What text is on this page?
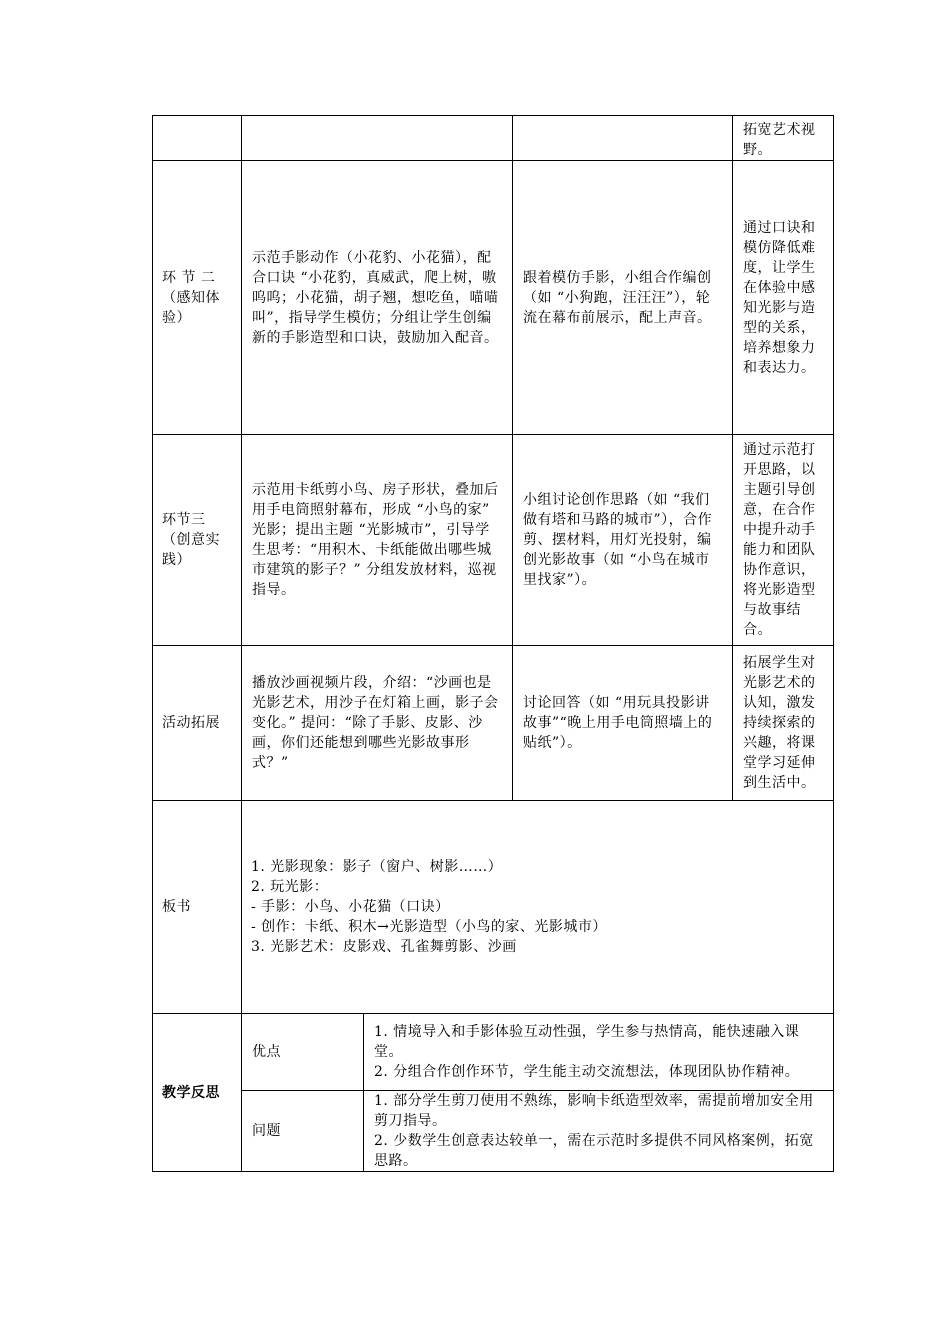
				拓宽艺术视野。
环 节 二（感知体验）	示范手影动作（小花豹、小花猫），配合口诀 “小花豹，真威武，爬上树，嗷呜呜；小花猫，胡子翘，想吃鱼，喵喵叫”，指导学生模仿；分组让学生创编新的手影造型和口诀，鼓励加入配音。		跟着模仿手影，小组合作编创（如 “小狗跑，汪汪汪”），轮流在幕布前展示，配上声音。	通过口诀和模仿降低难度，让学生在体验中感知光影与造型的关系，培养想象力和表达力。
环节三（创意实践）	示范用卡纸剪小鸟、房子形状，叠加后用手电筒照射幕布，形成 “小鸟的家” 光影；提出主题 “光影城市”，引导学生思考：“用积木、卡纸能做出哪些城市建筑的影子？” 分组发放材料，巡视指导。		小组讨论创作思路（如 “我们做有塔和马路的城市”），合作剪、摆材料，用灯光投射，编创光影故事（如 “小鸟在城市里找家”）。	通过示范打开思路，以主题引导创意，在合作中提升动手能力和团队协作意识，将光影造型与故事结合。
活动拓展	播放沙画视频片段，介绍：“沙画也是光影艺术，用沙子在灯箱上画，影子会变化。” 提问：“除了手影、皮影、沙画，你们还能想到哪些光影故事形式？”		讨论回答（如 “用玩具投影讲故事”“晚上用手电筒照墙上的贴纸”）。	拓展学生对光影艺术的认知，激发持续探索的兴趣，将课堂学习延伸到生活中。
板书	1. 光影现象：影子（窗户、树影……）
2. 玩光影：
- 手影：小鸟、小花猫（口诀）
- 创作：卡纸、积木→光影造型（小鸟的家、光影城市）
3. 光影艺术：皮影戏、孔雀舞剪影、沙画			

教学反思	优点	1. 情境导入和手影体验互动性强，学生参与热情高，能快速融入课堂。
2. 分组合作创作环节，学生能主动交流想法，体现团队协作精神。		

	问题	1. 部分学生剪刀使用不熟练，影响卡纸造型效率，需提前增加安全用剪刀指导。
2. 少数学生创意表达较单一，需在示范时多提供不同风格案例，拓宽思路。		
